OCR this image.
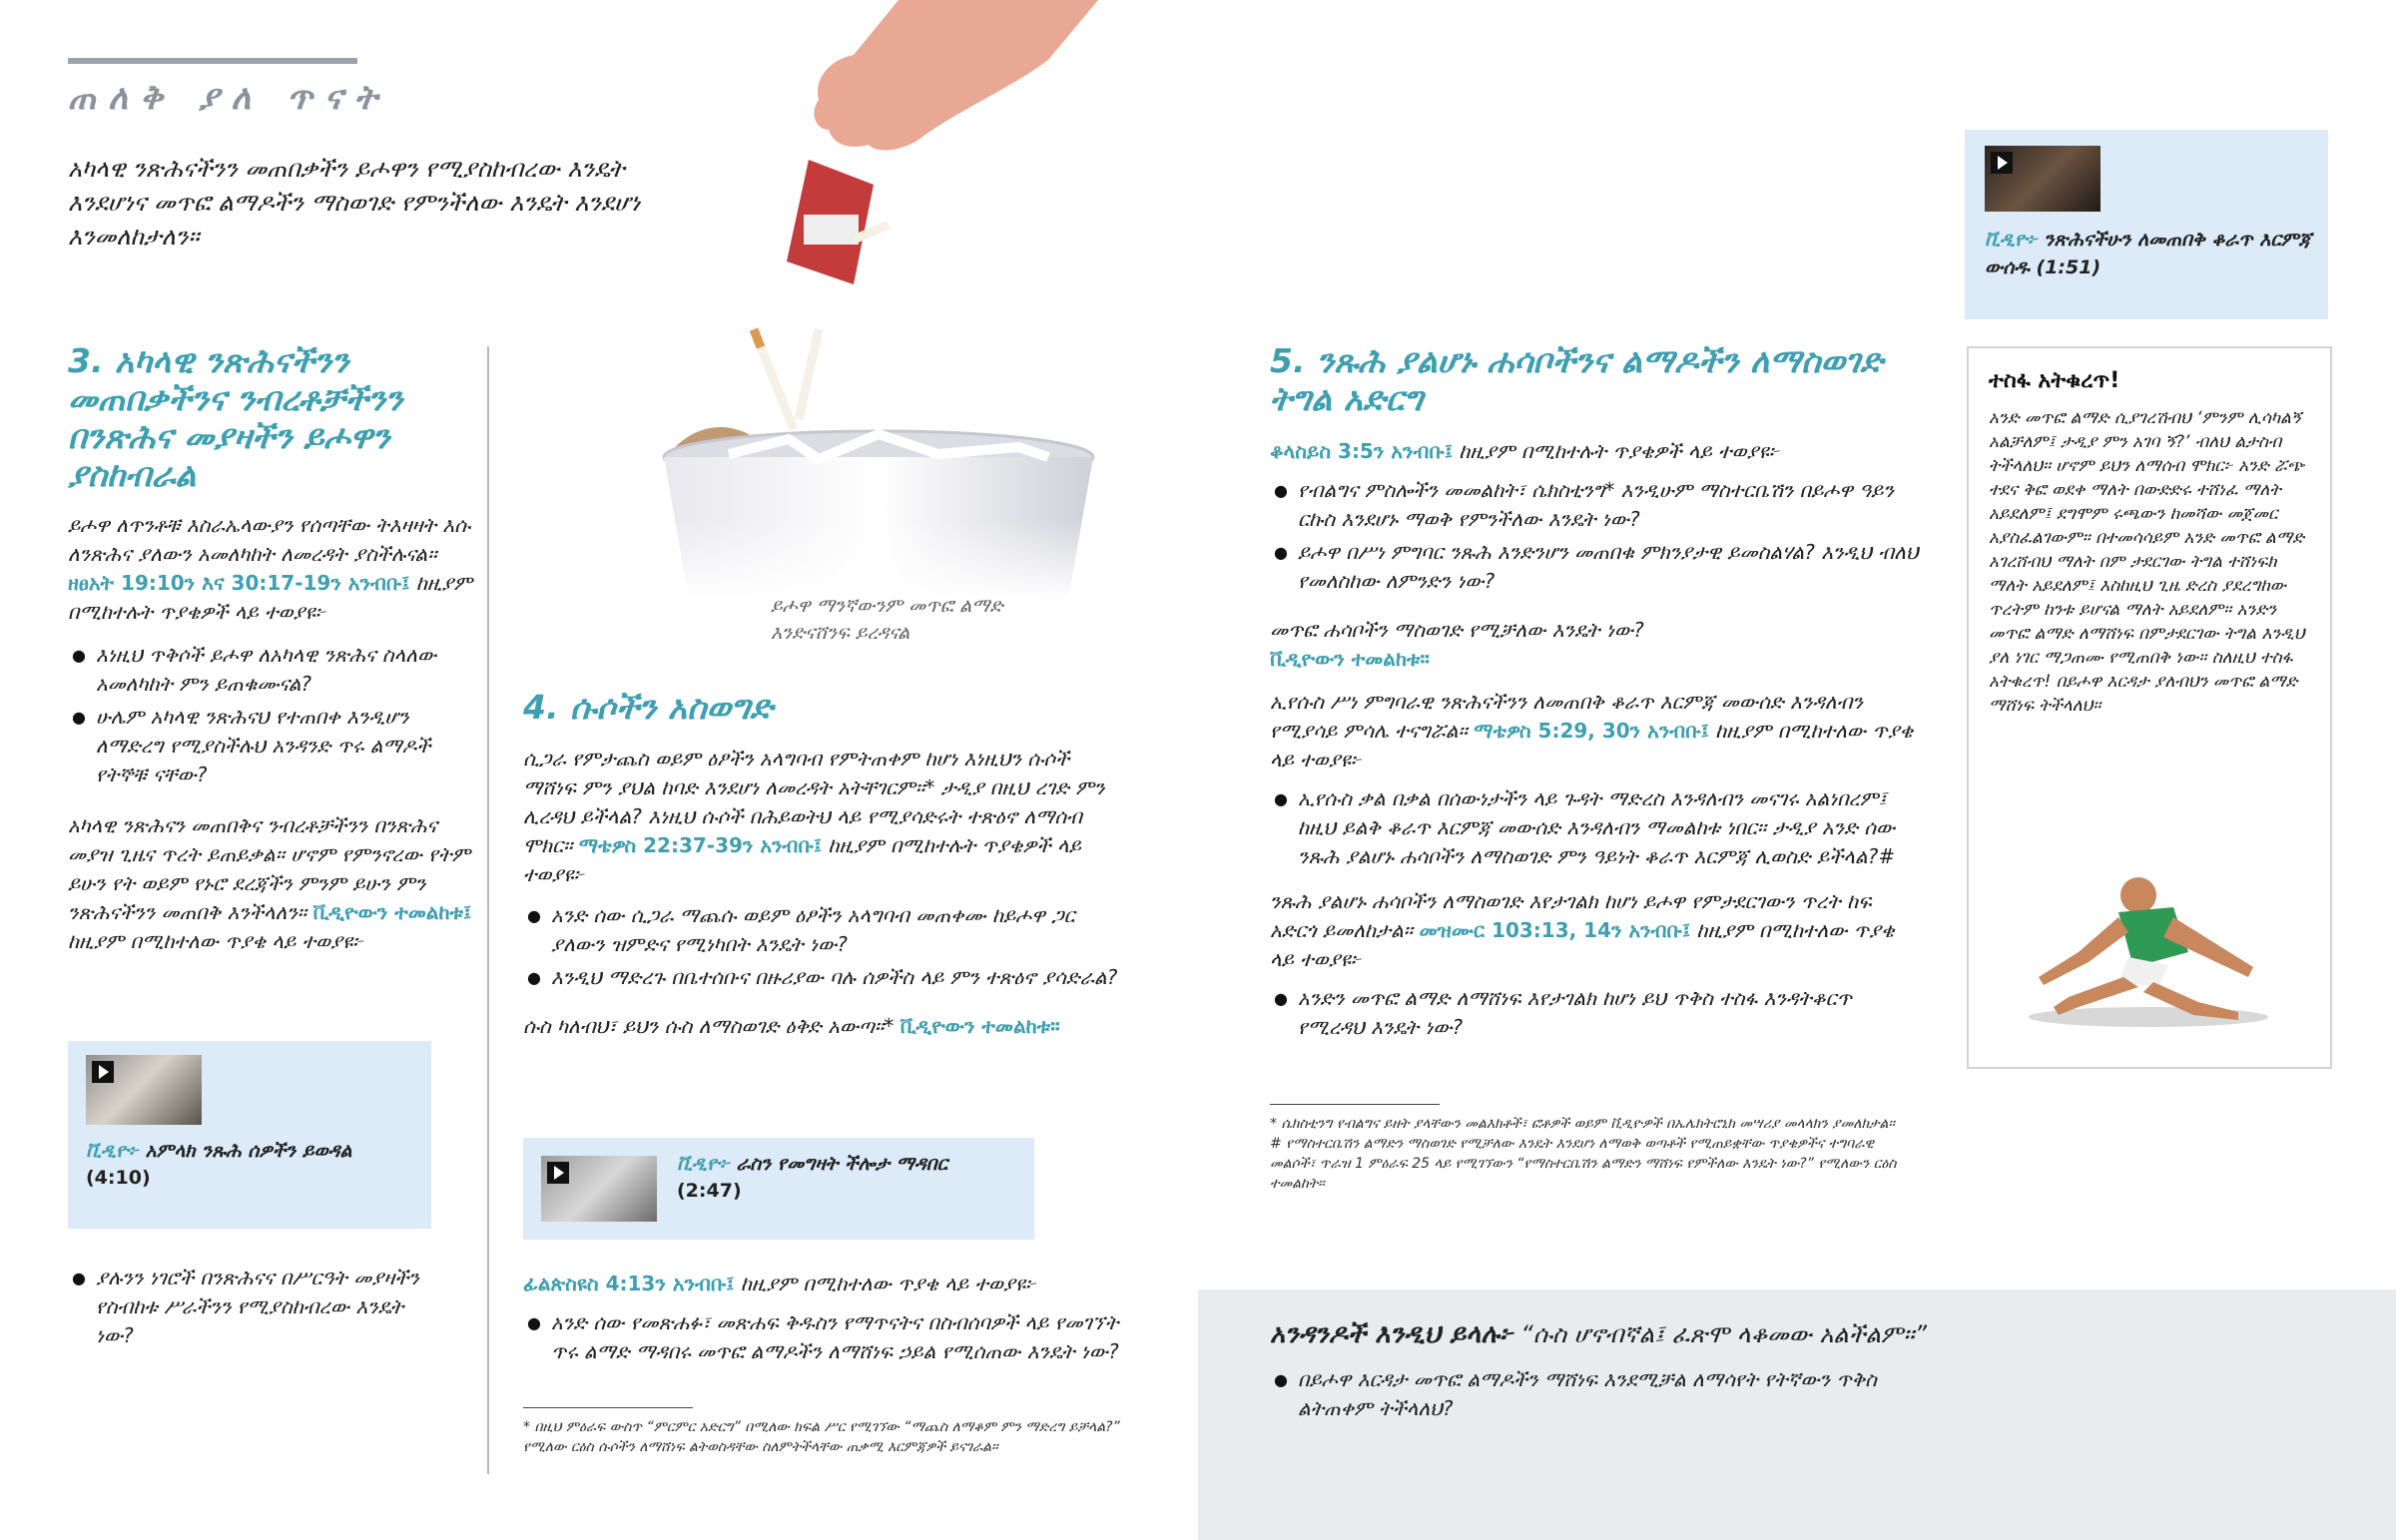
ጠለቅ ያለ ጥናት
አካላዊ ንጽሕናችንን መጠበቃችን ይሖዋን የሚያስከብረው እንዴት እንደሆነና መጥፎ ልማዶችን ማስወገድ የምንችለው እንዴት እንደሆነ እንመለከታለን።
3. አካላዊ ንጽሕናችንን መጠበቃችንና ንብረቶቻችንን በንጽሕና መያዛችን ይሖዋን ያስከብራል
ይሖዋ ለጥንቶቹ እስራኤላውያን የሰጣቸው ትእዛዛት እሱ ለንጽሕና ያለውን አመለካከት ለመረዳት ያስችሉናል። ዘፀአት 19:10ን እና 30:17-19ን አንብቡ፤ ከዚያም በሚከተሉት ጥያቄዎች ላይ ተወያዩ፦
● እነዚህ ጥቅሶች ይሖዋ ለአካላዊ ንጽሕና ስላለው አመለካከት ምን ይጠቁሙናል?
● ሁሌም አካላዊ ንጽሕናህ የተጠበቀ እንዲሆን ለማድረግ የሚያስችሉህ አንዳንድ ጥሩ ልማዶች የትኞቹ ናቸው?
አካላዊ ንጽሕናን መጠበቅና ንብረቶቻችንን በንጽሕና መያዝ ጊዜና ጥረት ይጠይቃል። ሆኖም የምንኖረው የትም ይሁን የት ወይም የኑሮ ደረጃችን ምንም ይሁን ምን ንጽሕናችንን መጠበቅ እንችላለን። ቪዲዮውን ተመልከቱ፤ ከዚያም በሚከተለው ጥያቄ ላይ ተወያዩ፦
ቪዲዮ፦ አምላክ ንጹሕ ሰዎችን ይወዳል
(4:10)
● ያሉንን ነገሮች በንጽሕናና በሥርዓት መያዛችን የስብከቱ ሥራችንን የሚያስከብረው እንዴት ነው?
ይሖዋ ማንኛውንም መጥፎ ልማድ እንድናሸንፍ ይረዳናል
4. ሱሶችን አስወግድ
ሲጋራ የምታጨስ ወይም ዕፆችን አላግባብ የምትጠቀም ከሆነ እነዚህን ሱሶች ማሸነፍ ምን ያህል ከባድ እንደሆነ ለመረዳት አትቸገርም።* ታዲያ በዚህ ረገድ ምን ሊረዳህ ይችላል? እነዚህ ሱሶች በሕይወትህ ላይ የሚያሳድሩት ተጽዕኖ ለማሰብ ሞክር። ማቴዎስ 22:37-39ን አንብቡ፤ ከዚያም በሚከተሉት ጥያቄዎች ላይ ተወያዩ፦
● አንድ ሰው ሲጋራ ማጨሱ ወይም ዕፆችን አላግባብ መጠቀሙ ከይሖዋ ጋር ያለውን ዝምድና የሚነካበት እንዴት ነው?
● እንዲህ ማድረጉ በቤተሰቡና በዙሪያው ባሉ ሰዎችስ ላይ ምን ተጽዕኖ ያሳድራል?
ሱስ ካለብህ፣ ይህን ሱስ ለማስወገድ ዕቅድ አውጣ።* ቪዲዮውን ተመልከቱ።
ቪዲዮ፦ ራስን የመግዛት ችሎታ ማዳበር
(2:47)
ፊልጵስዩስ 4:13ን አንብቡ፤ ከዚያም በሚከተለው ጥያቄ ላይ ተወያዩ፦
● አንድ ሰው የመጽሐፉ፣ መጽሐፍ ቅዱስን የማጥናትና በስብሰባዎች ላይ የመገኘት ጥሩ ልማድ ማዳበሩ መጥፎ ልማዶችን ለማሸነፍ ኃይል የሚሰጠው እንዴት ነው?
* በዚህ ምዕራፍ ውስጥ “ምርምር አድርግ” በሚለው ክፍል ሥር የሚገኘው “ማጨስ ለማቆም ምን ማድረግ ይቻላል?” የሚለው ርዕስ ሱሶችን ለማሸነፍ ልትወስዳቸው ስለምትችላቸው ጠቃሚ እርምጃዎች ይናገራል።
5. ንጹሕ ያልሆኑ ሐሳቦችንና ልማዶችን ለማስወገድ ትግል አድርግ
ቆላስይስ 3:5ን አንብቡ፤ ከዚያም በሚከተሉት ጥያቄዎች ላይ ተወያዩ፦
● የብልግና ምስሎችን መመልከት፣ ሴክስቲንግ* እንዲሁም ማስተርቤሽን በይሖዋ ዓይን ርኩስ እንደሆኑ ማወቅ የምንችለው እንዴት ነው?
● ይሖዋ በሥነ ምግባር ንጹሕ እንድንሆን መጠበቁ ምክንያታዊ ይመስልሃል? እንዲህ ብለህ የመለስከው ለምንድን ነው?
መጥፎ ሐሳቦችን ማስወገድ የሚቻለው እንዴት ነው?
ቪዲዮውን ተመልከቱ።
ኢየሱስ ሥነ ምግባራዊ ንጽሕናችንን ለመጠበቅ ቆራጥ እርምጃ መውሰድ እንዳለብን የሚያሳይ ምሳሌ ተናግሯል። ማቴዎስ 5:29, 30ን አንብቡ፤ ከዚያም በሚከተለው ጥያቄ ላይ ተወያዩ፦
● ኢየሱስ ቃል በቃል በሰውነታችን ላይ ጉዳት ማድረስ እንዳለብን መናገሩ አልነበረም፤ ከዚህ ይልቅ ቆራጥ እርምጃ መውሰድ እንዳለብን ማመልከቱ ነበር። ታዲያ አንድ ሰው ንጹሕ ያልሆኑ ሐሳቦችን ለማስወገድ ምን ዓይነት ቆራጥ እርምጃ ሊወስድ ይችላል?#
ንጹሕ ያልሆኑ ሐሳቦችን ለማስወገድ እየታገልክ ከሆነ ይሖዋ የምታደርገውን ጥረት ከፍ አድርጎ ይመለከታል። መዝሙር 103:13, 14ን አንብቡ፤ ከዚያም በሚከተለው ጥያቄ ላይ ተወያዩ፦
● አንድን መጥፎ ልማድ ለማሸነፍ እየታገልክ ከሆነ ይህ ጥቅስ ተስፋ እንዳትቆርጥ የሚረዳህ እንዴት ነው?
* ሴክስቲንግ የብልግና ይዘት ያላቸውን መልእክቶች፣ ፎቶዎች ወይም ቪዲዮዎች በኤሌክትሮኒክ መሣሪያ መላላክን ያመለክታል።
# የማስተርቤሽን ልማድን ማስወገድ የሚቻለው እንዴት እንደሆነ ለማወቅ ወጣቶች የሚጠይቋቸው ጥያቄዎችና ተግባራዊ መልሶች፣ ጥራዝ 1 ምዕራፍ 25 ላይ የሚገኘውን “የማስተርቤሽን ልማድን ማሸነፍ የምችለው እንዴት ነው?” የሚለውን ርዕስ ተመልከት።
ቪዲዮ፦ ንጽሕናችሁን ለመጠበቅ ቆራጥ እርምጃ ውሰዱ (1:51)
ተስፋ አትቁረጥ!
አንድ መጥፎ ልማድ ሲያገረሽብህ ‘ምንም ሊሳካልኝ አልቻለም፤ ታዲያ ምን አገባ ኝ?’ ብለህ ልታስብ ትችላለህ። ሆኖም ይህን ለማሰብ ሞክር፦ አንድ ሯጭ ተደና ቅፎ ወደቀ ማለት በውድድሩ ተሸነፈ ማለት አይደለም፤ ደግሞም ሩጫውን ከመሻው መጀመር አያስፈልገውም። በተመሳሳይም አንድ መጥፎ ልማድ አገረሸብህ ማለት በም ታደርገው ትግል ተሸነፍክ ማለት አይደለም፤ እስከዚህ ጊዜ ድረስ ያደረግከው ጥረትም ከንቱ ይሆናል ማለት አይደለም። አንድን መጥፎ ልማድ ለማሸነፍ በምታደርገው ትግል እንዲህ ያለ ነገር ማጋጠሙ የሚጠበቅ ነው። ስለዚህ ተስፋ አትቁረጥ! በይሖዋ እርዳታ ያለብህን መጥፎ ልማድ ማሸነፍ ትችላለህ።
አንዳንዶች እንዲህ ይላሉ፦ “ሱስ ሆኖብኛል፤ ፈጽሞ ላቆመው አልችልም።”
● በይሖዋ እርዳታ መጥፎ ልማዶችን ማሸነፍ እንደሚቻል ለማሳየት የትኛውን ጥቅስ ልትጠቀም ትችላለህ?
